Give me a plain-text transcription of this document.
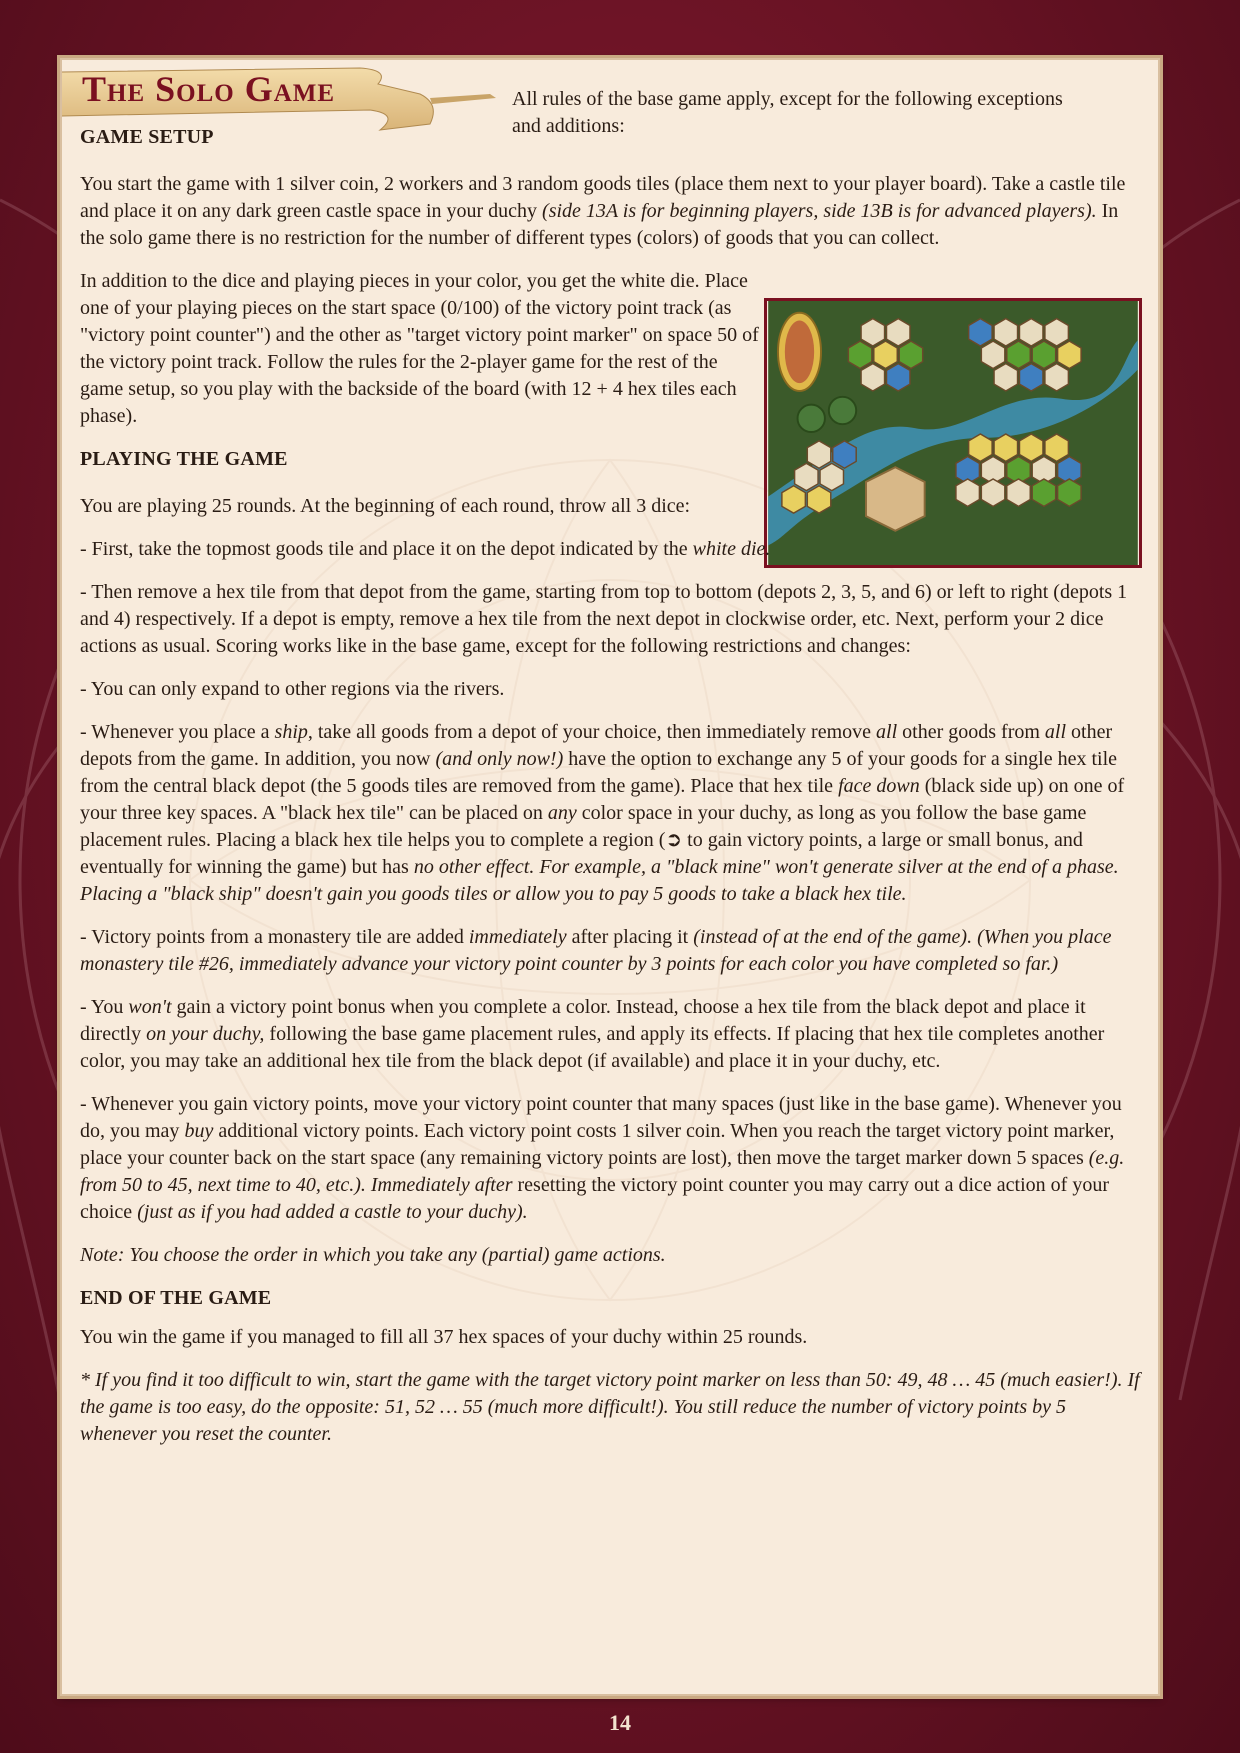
The Solo Game	All rules of the base game apply, except for the following exceptions and additions:
GAME SETUP

You start the game with 1 silver coin, 2 workers and 3 random goods tiles (place them next to your player board). Take a castle tile and place it on any dark green castle space in your duchy (side 13A is for beginning players, side 13B is for advanced players). In the solo game there is no restriction for the number of different types (colors) of goods that you can collect.

In addition to the dice and playing pieces in your color, you get the white die. Place one of your playing pieces on the start space (0/100) of the victory point track (as "victory point counter") and the other as "target victory point marker" on space 50 of the victory point track. Follow the rules for the 2-player game for the rest of the game setup, so you play with the backside of the board (with 12 + 4 hex tiles each phase).

PLAYING THE GAME

You are playing 25 rounds. At the beginning of each round, throw all 3 dice:

- First, take the topmost goods tile and place it on the depot indicated by the white die.

- Then remove a hex tile from that depot from the game, starting from top to bottom (depots 2, 3, 5, and 6) or left to right (depots 1 and 4) respectively. If a depot is empty, remove a hex tile from the next depot in clockwise order, etc. Next, perform your 2 dice actions as usual. Scoring works like in the base game, except for the following restrictions and changes:

- You can only expand to other regions via the rivers.

- Whenever you place a ship, take all goods from a depot of your choice, then immediately remove all other goods from all other depots from the game. In addition, you now (and only now!) have the option to exchange any 5 of your goods for a single hex tile from the central black depot (the 5 goods tiles are removed from the game). Place that hex tile face down (black side up) on one of your three key spaces. A "black hex tile" can be placed on any color space in your duchy, as long as you follow the base game placement rules. Placing a black hex tile helps you to complete a region (➲ to gain victory points, a large or small bonus, and eventually for winning the game) but has no other effect. For example, a "black mine" won't generate silver at the end of a phase. Placing a "black ship" doesn't gain you goods tiles or allow you to pay 5 goods to take a black hex tile.

- Victory points from a monastery tile are added immediately after placing it (instead of at the end of the game). (When you place monastery tile #26, immediately advance your victory point counter by 3 points for each color you have completed so far.)

- You won't gain a victory point bonus when you complete a color. Instead, choose a hex tile from the black depot and place it directly on your duchy, following the base game placement rules, and apply its effects. If placing that hex tile completes another color, you may take an additional hex tile from the black depot (if available) and place it in your duchy, etc.

- Whenever you gain victory points, move your victory point counter that many spaces (just like in the base game). Whenever you do, you may buy additional victory points. Each victory point costs 1 silver coin. When you reach the target victory point marker, place your counter back on the start space (any remaining victory points are lost), then move the target marker down 5 spaces (e.g. from 50 to 45, next time to 40, etc.). Immediately after resetting the victory point counter you may carry out a dice action of your choice (just as if you had added a castle to your duchy).

Note: You choose the order in which you take any (partial) game actions.

END OF THE GAME

You win the game if you managed to fill all 37 hex spaces of your duchy within 25 rounds.

* If you find it too difficult to win, start the game with the target victory point marker on less than 50: 49, 48 … 45 (much easier!). If the game is too easy, do the opposite: 51, 52 … 55 (much more difficult!). You still reduce the number of victory points by 5 whenever you reset the counter.

14
